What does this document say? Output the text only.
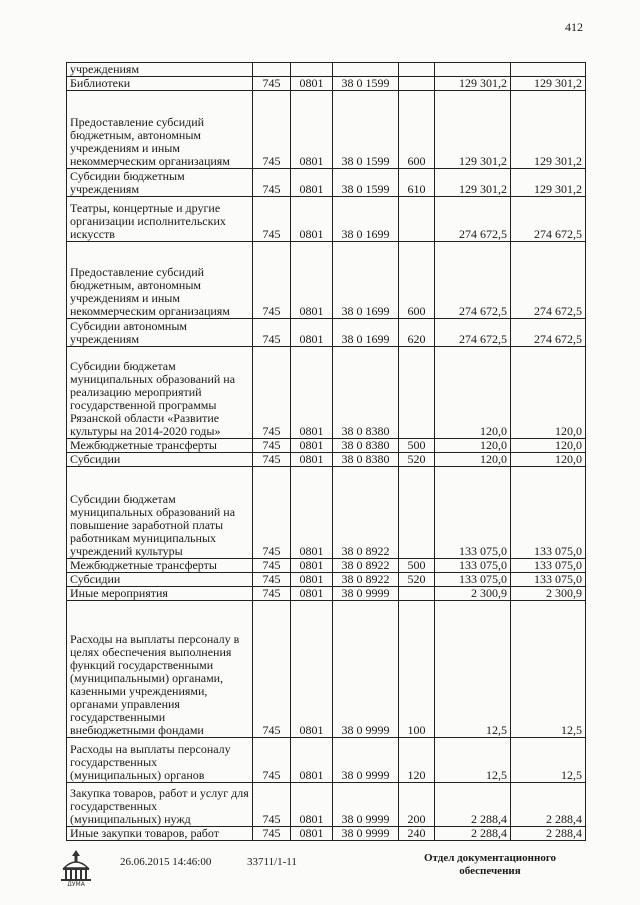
412
учреждениям						
Библиотеки	745	0801	38 0 1599		129 301,2	129 301,2
Предоставление субсидий бюджетным, автономным учреждениям и иным некоммерческим организациям	745	0801	38 0 1599	600	129 301,2	129 301,2
Субсидии бюджетным учреждениям	745	0801	38 0 1599	610	129 301,2	129 301,2
Театры, концертные и другие организации исполнительских искусств	745	0801	38 0 1699		274 672,5	274 672,5
Предоставление субсидий бюджетным, автономным учреждениям и иным некоммерческим организациям	745	0801	38 0 1699	600	274 672,5	274 672,5
Субсидии автономным учреждениям	745	0801	38 0 1699	620	274 672,5	274 672,5
Субсидии бюджетам муниципальных образований на реализацию мероприятий государственной программы Рязанской области «Развитие культуры на 2014-2020 годы»	745	0801	38 0 8380		120,0	120,0
Межбюджетные трансферты	745	0801	38 0 8380	500	120,0	120,0
Субсидии	745	0801	38 0 8380	520	120,0	120,0
Субсидии бюджетам муниципальных образований на повышение заработной платы работникам муниципальных учреждений культуры	745	0801	38 0 8922		133 075,0	133 075,0
Межбюджетные трансферты	745	0801	38 0 8922	500	133 075,0	133 075,0
Субсидии	745	0801	38 0 8922	520	133 075,0	133 075,0
Иные мероприятия	745	0801	38 0 9999		2 300,9	2 300,9
Расходы на выплаты персоналу в целях обеспечения выполнения функций государственными (муниципальными) органами, казенными учреждениями, органами управления государственными внебюджетными фондами	745	0801	38 0 9999	100	12,5	12,5
Расходы на выплаты персоналу государственных (муниципальных) органов	745	0801	38 0 9999	120	12,5	12,5
Закупка товаров, работ и услуг для государственных (муниципальных) нужд	745	0801	38 0 9999	200	2 288,4	2 288,4
Иные закупки товаров, работ	745	0801	38 0 9999	240	2 288,4	2 288,4
ДУМА
26.06.2015 14:46:00	33711/1-11	Отдел документационного
обеспечения
